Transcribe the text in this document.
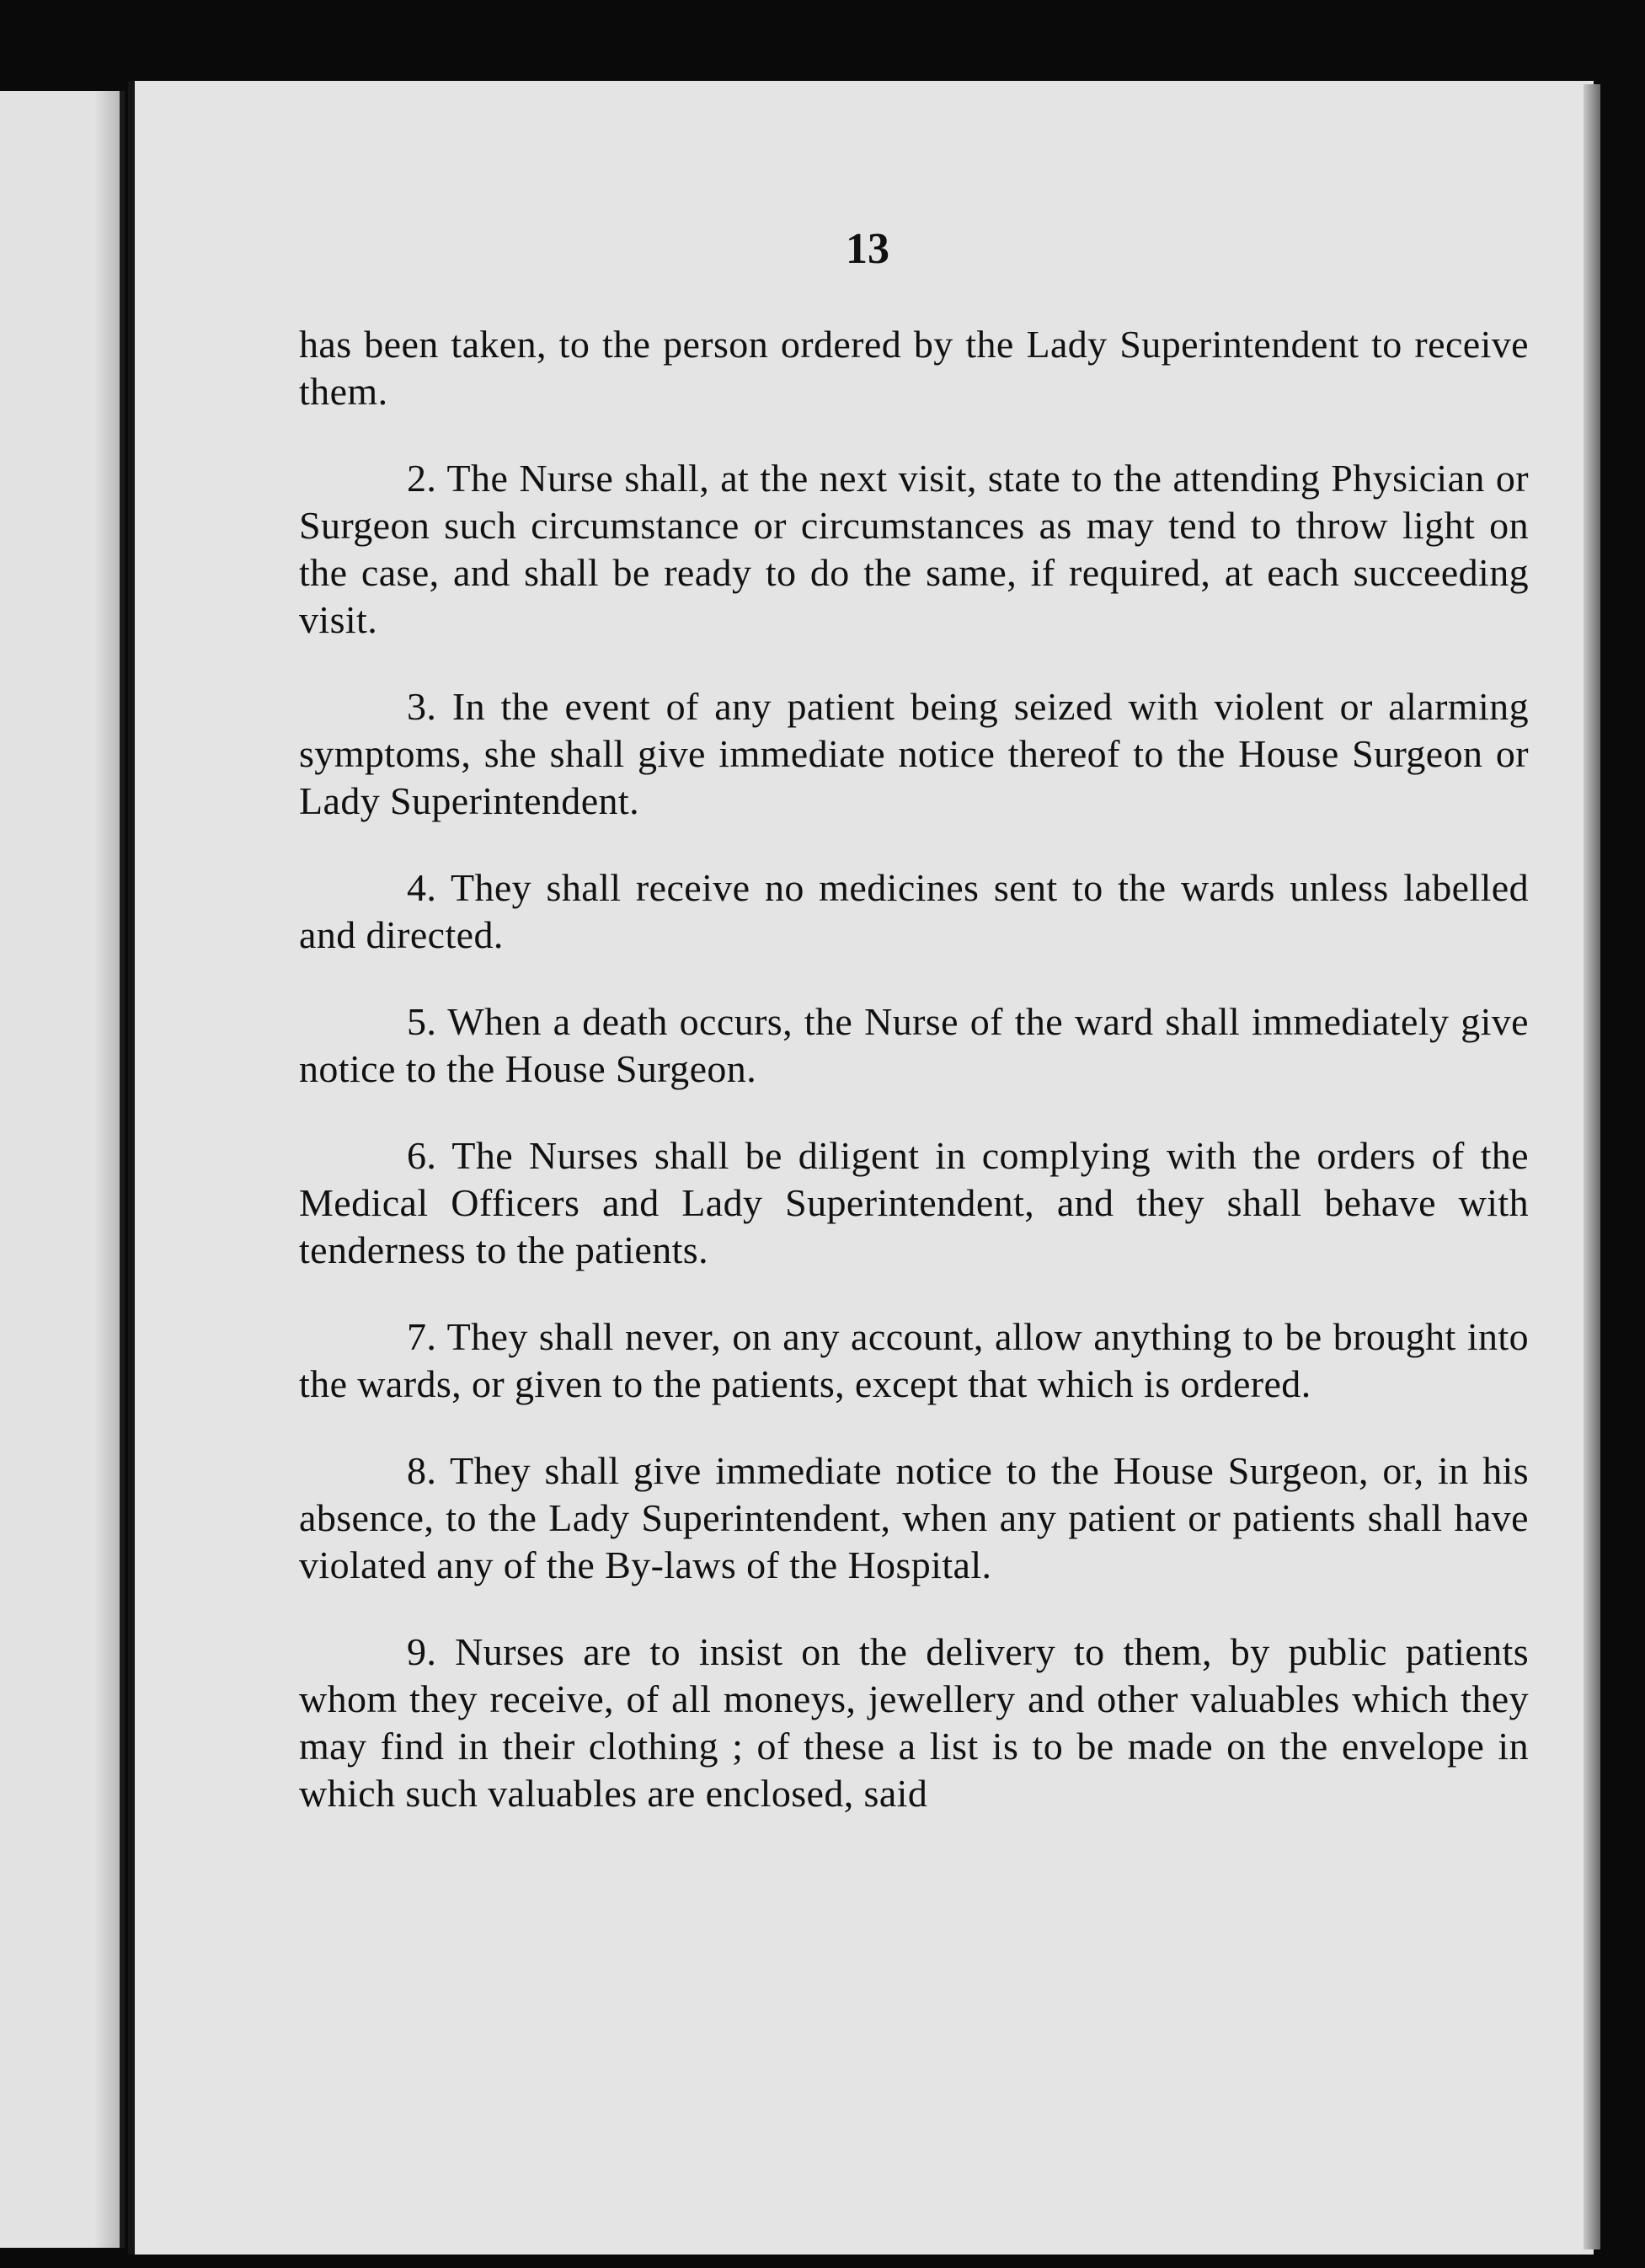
13

has been taken, to the person ordered by the Lady Superintendent to receive them.

2. The Nurse shall, at the next visit, state to the attending Physician or Surgeon such circumstance or circumstances as may tend to throw light on the case, and shall be ready to do the same, if required, at each succeeding visit.

3. In the event of any patient being seized with violent or alarming symptoms, she shall give immediate notice thereof to the House Surgeon or Lady Superintendent.

4. They shall receive no medicines sent to the wards unless labelled and directed.

5. When a death occurs, the Nurse of the ward shall immediately give notice to the House Surgeon.

6. The Nurses shall be diligent in complying with the orders of the Medical Officers and Lady Superintendent, and they shall behave with tenderness to the patients.

7. They shall never, on any account, allow anything to be brought into the wards, or given to the patients, except that which is ordered.

8. They shall give immediate notice to the House Surgeon, or, in his absence, to the Lady Superintendent, when any patient or patients shall have violated any of the By-laws of the Hospital.

9. Nurses are to insist on the delivery to them, by public patients whom they receive, of all moneys, jewellery and other valuables which they may find in their clothing ; of these a list is to be made on the envelope in which such valuables are enclosed, said
